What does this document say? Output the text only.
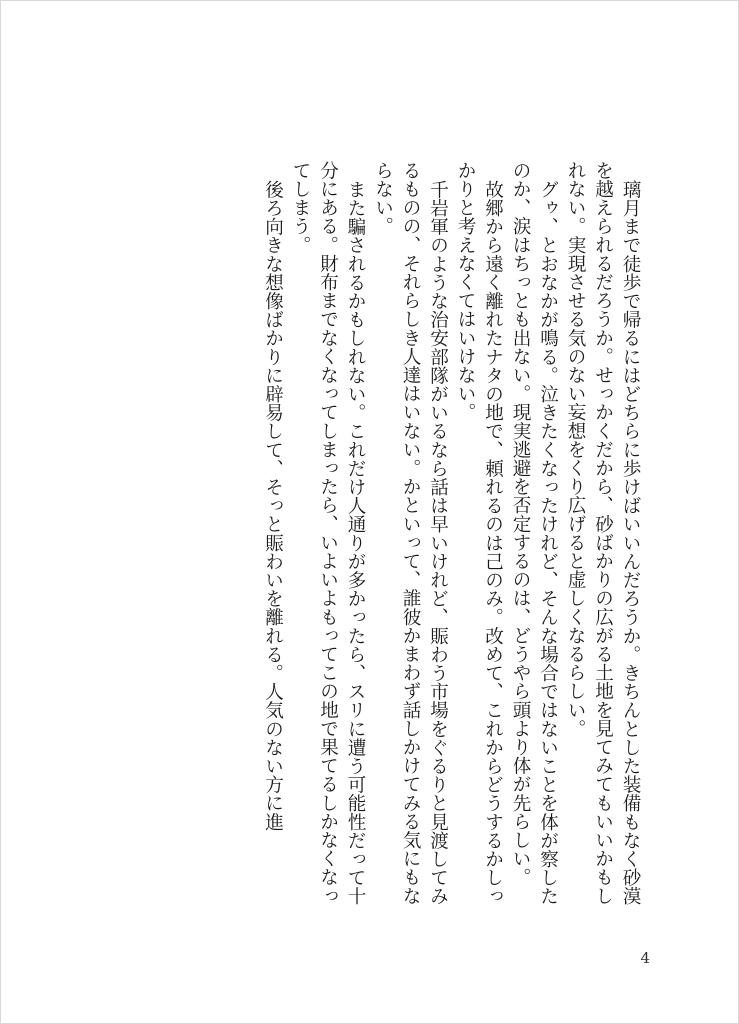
璃月まで徒歩で帰るにはどちらに歩けばいいんだろうか。きちんとした装備もなく砂漠を越えられるだろうか。せっかくだから、砂ばかりの広がる土地を見てみてもいいかもしれない。実現させる気のない妄想をくり広げると虚しくなるらしい。

グゥ、とおなかが鳴る。泣きたくなったけれど、そんな場合ではないことを体が察したのか、涙はちっとも出ない。現実逃避を否定するのは、どうやら頭より体が先らしい。

故郷から遠く離れたナタの地で、頼れるのは己のみ。改めて、これからどうするかしっかりと考えなくてはいけない。

千岩軍のような治安部隊がいるなら話は早いけれど、賑わう市場をぐるりと見渡してみるものの、それらしき人達はいない。かといって、誰彼かまわず話しかけてみる気にもならない。

また騙されるかもしれない。これだけ人通りが多かったら、スリに遭う可能性だって十分にある。財布までなくなってしまったら、いよいよもってこの地で果てるしかなくなってしまう。

後ろ向きな想像ばかりに辟易して、そっと賑わいを離れる。人気のない方に進

4
